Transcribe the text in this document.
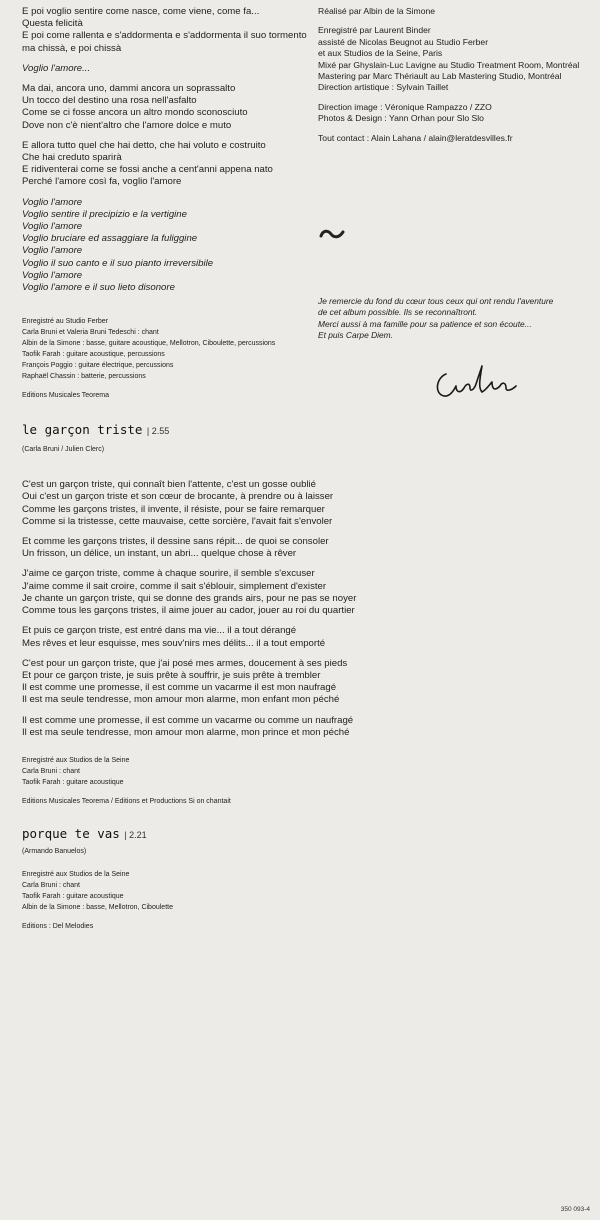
E poi voglio sentire come nasce, come viene, come fa...
Questa felicità
E poi come rallenta e s'addormenta e s'addormenta il suo tormento
ma chissà, e poi chissà
Voglio l'amore...
Ma dai, ancora uno, dammi ancora un soprassalto
Un tocco del destino una rosa nell'asfalto
Come se ci fosse ancora un altro mondo sconosciuto
Dove non c'è nient'altro che l'amore dolce e muto
E allora tutto quel che hai detto, che hai voluto e costruito
Che hai creduto sparirà
E ridiventerai come se fossi anche a cent'anni appena nato
Perché l'amore così fa, voglio l'amore
Voglio l'amore
Voglio sentire il precipizio e la vertigine
Voglio l'amore
Voglio bruciare ed assaggiare la fuliggine
Voglio l'amore
Voglio il suo canto e il suo pianto irreversibile
Voglio l'amore
Voglio l'amore e il suo lieto disonore
Enregistré au Studio Ferber
Carla Bruni et Valeria Bruni Tedeschi : chant
Albin de la Simone : basse, guitare acoustique, Mellotron, Ciboulette, percussions
Taofik Farah : guitare acoustique, percussions
François Poggio : guitare électrique, percussions
Raphaël Chassin : batterie, percussions
Editions Musicales Teorema
le garçon triste | 2.55
(Carla Bruni / Julien Clerc)
C'est un garçon triste, qui connaît bien l'attente, c'est un gosse oublié
Oui c'est un garçon triste et son cœur de brocante, à prendre ou à laisser
Comme les garçons tristes, il invente, il résiste, pour se faire remarquer
Comme si la tristesse, cette mauvaise, cette sorcière, l'avait fait s'envoler
Et comme les garçons tristes, il dessine sans répit... de quoi se consoler
Un frisson, un délice, un instant, un abri... quelque chose à rêver
J'aime ce garçon triste, comme à chaque sourire, il semble s'excuser
J'aime comme il sait croire, comme il sait s'éblouir, simplement d'exister
Je chante un garçon triste, qui se donne des grands airs, pour ne pas se noyer
Comme tous les garçons tristes, il aime jouer au cador, jouer au roi du quartier
Et puis ce garçon triste, est entré dans ma vie... il a tout dérangé
Mes rêves et leur esquisse, mes souv'nirs mes délits... il a tout emporté
C'est pour un garçon triste, que j'ai posé mes armes, doucement à ses pieds
Et pour ce garçon triste, je suis prête à souffrir, je suis prête à trembler
Il est comme une promesse, il est comme un vacarme il est mon naufragé
Il est ma seule tendresse, mon amour mon alarme, mon enfant mon péché
Il est comme une promesse, il est comme un vacarme ou comme un naufragé
Il est ma seule tendresse, mon amour mon alarme, mon prince et mon péché
Enregistré aux Studios de la Seine
Carla Bruni : chant
Taofik Farah : guitare acoustique
Editions Musicales Teorema / Editions et Productions Si on chantait
porque te vas | 2.21
(Armando Banuelos)
Enregistré aux Studios de la Seine
Carla Bruni : chant
Taofik Farah : guitare acoustique
Albin de la Simone : basse, Mellotron, Ciboulette
Editions : Del Melodies
Réalisé par Albin de la Simone
Enregistré par Laurent Binder
assisté de Nicolas Beugnot au Studio Ferber
et aux Studios de la Seine, Paris
Mixé par Ghyslain-Luc Lavigne au Studio Treatment Room, Montréal
Mastering par Marc Thériault au Lab Mastering Studio, Montréal
Direction artistique : Sylvain Taillet
Direction image : Véronique Rampazzo / ZZO
Photos & Design : Yann Orhan pour Slo Slo
Tout contact : Alain Lahana / alain@leratdesvilles.fr
Je remercie du fond du cœur tous ceux qui ont rendu l'aventure
de cet album possible. Ils se reconnaîtront.
Merci aussi à ma famille pour sa patience et son écoute...
Et puis Carpe Diem.
350 093-4
